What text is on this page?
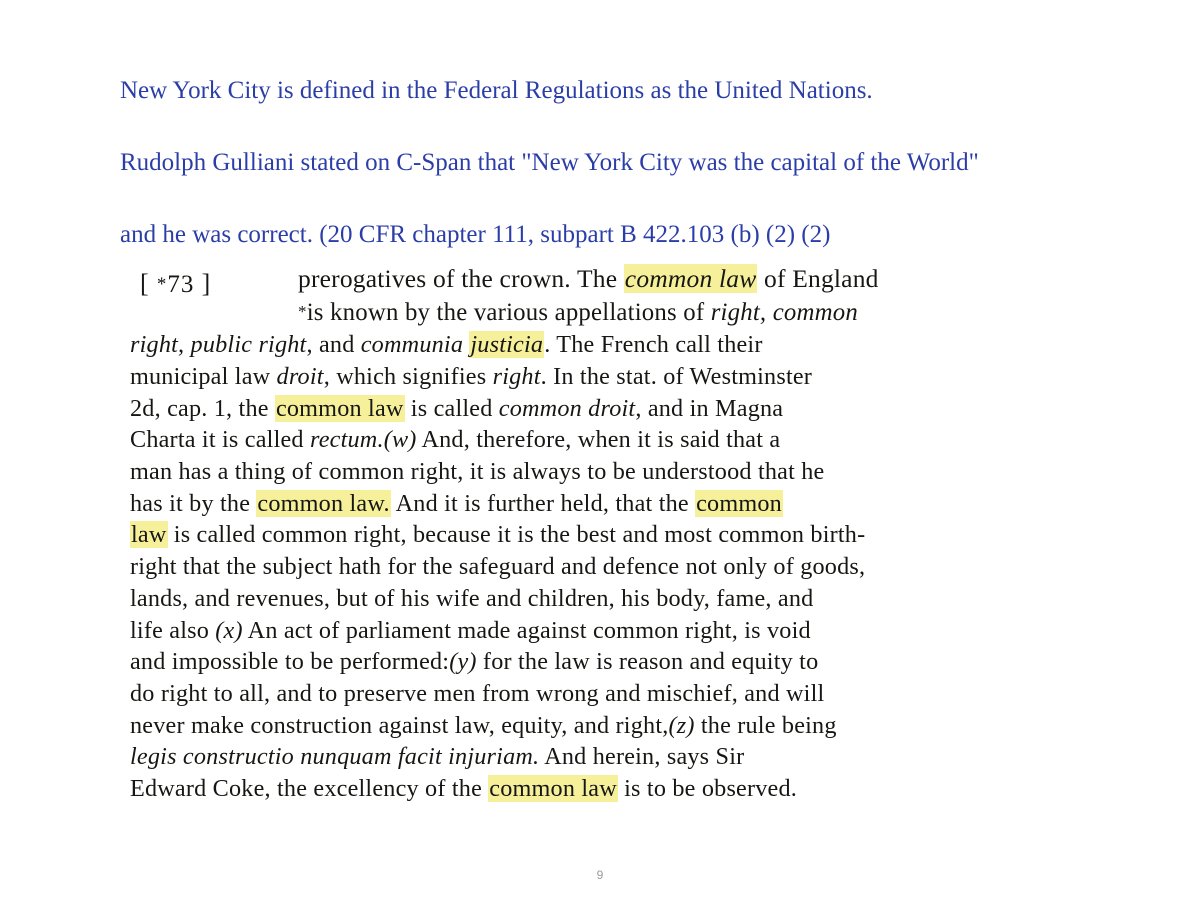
New York City is defined in the Federal Regulations as the United Nations.

Rudolph Gulliani stated on C-Span that "New York City was the capital of the World"

and he was correct. (20 CFR chapter 111, subpart B 422.103 (b) (2) (2)

[ *73 ]	prerogatives of the crown. The common law of England
*is known by the various appellations of right, common
right, public right, and communia justicia. The French call their
municipal law droit, which signifies right. In the stat. of Westminster
2d, cap. 1, the common law is called common droit, and in Magna
Charta it is called rectum.(w) And, therefore, when it is said that a
man has a thing of common right, it is always to be understood that he
has it by the common law. And it is further held, that the common
law is called common right, because it is the best and most common birth-
right that the subject hath for the safeguard and defence not only of goods,
lands, and revenues, but of his wife and children, his body, fame, and
life also (x) An act of parliament made against common right, is void
and impossible to be performed:(y) for the law is reason and equity to
do right to all, and to preserve men from wrong and mischief, and will
never make construction against law, equity, and right,(z) the rule being
legis constructio nunquam facit injuriam. And herein, says Sir
Edward Coke, the excellency of the common law is to be observed.
9
